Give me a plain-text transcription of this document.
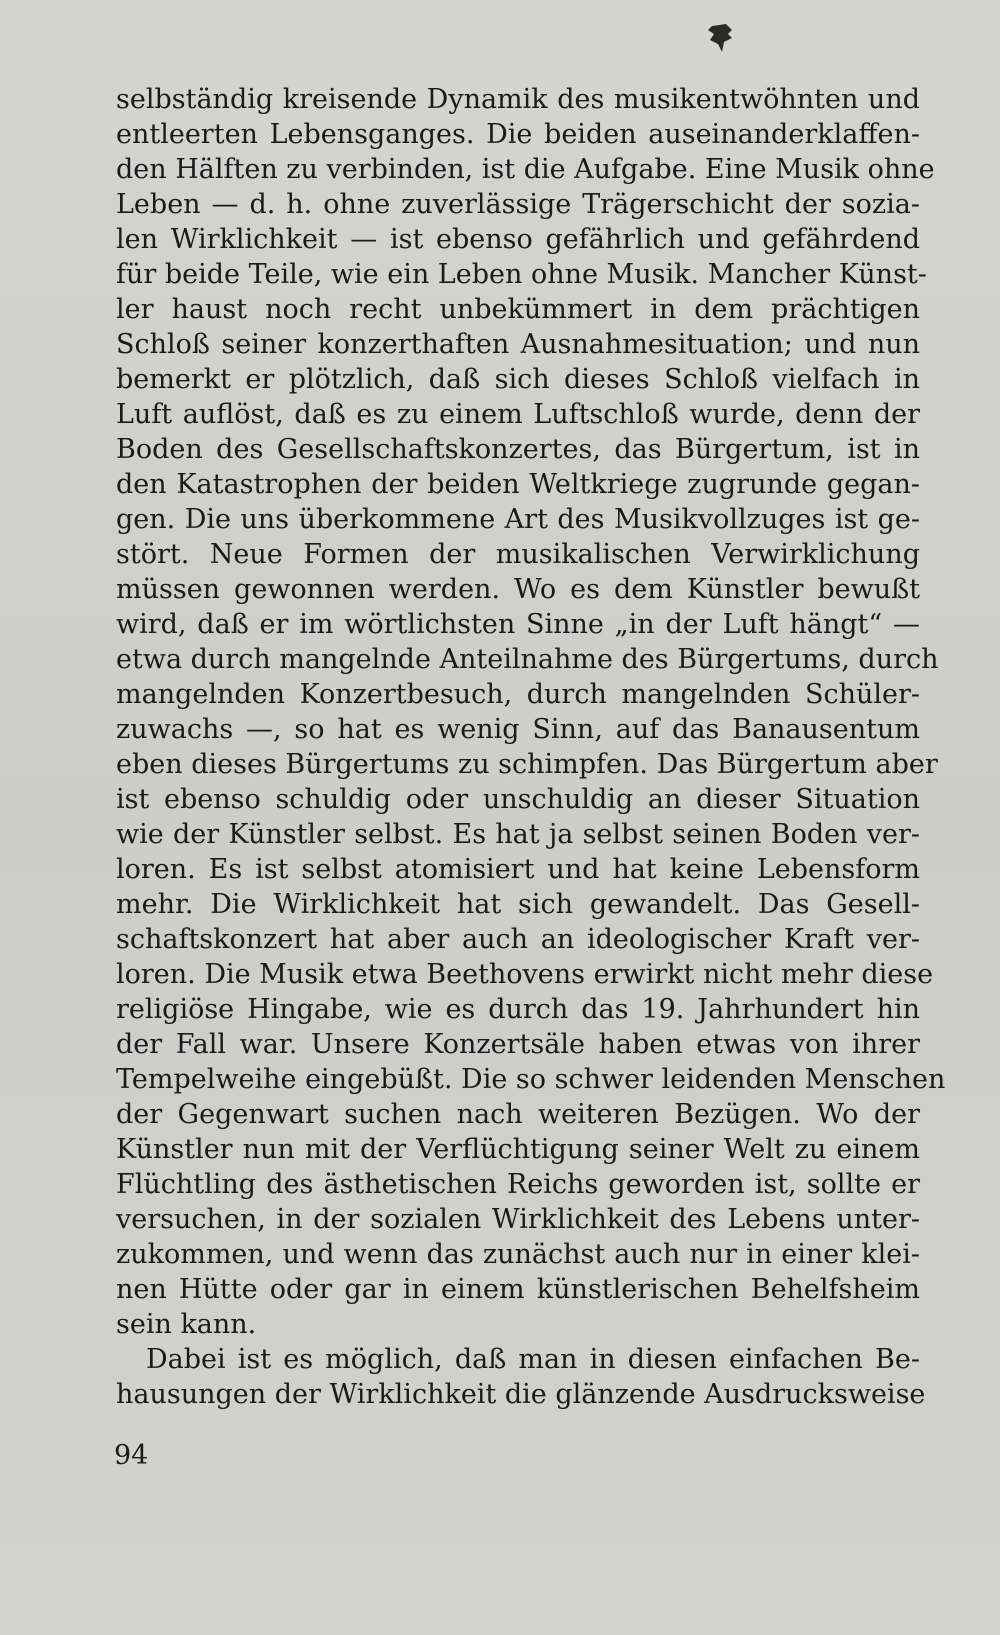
selbständig kreisende Dynamik des musikentwöhnten und
entleerten Lebensganges. Die beiden auseinanderklaffen-
den Hälften zu verbinden, ist die Aufgabe. Eine Musik ohne
Leben — d. h. ohne zuverlässige Trägerschicht der sozia-
len Wirklichkeit — ist ebenso gefährlich und gefährdend
für beide Teile, wie ein Leben ohne Musik. Mancher Künst-
ler haust noch recht unbekümmert in dem prächtigen
Schloß seiner konzerthaften Ausnahmesituation; und nun
bemerkt er plötzlich, daß sich dieses Schloß vielfach in
Luft auflöst, daß es zu einem Luftschloß wurde, denn der
Boden des Gesellschaftskonzertes, das Bürgertum, ist in
den Katastrophen der beiden Weltkriege zugrunde gegan-
gen. Die uns überkommene Art des Musikvollzuges ist ge-
stört. Neue Formen der musikalischen Verwirklichung
müssen gewonnen werden. Wo es dem Künstler bewußt
wird, daß er im wörtlichsten Sinne „in der Luft hängt“ —
etwa durch mangelnde Anteilnahme des Bürgertums, durch
mangelnden Konzertbesuch, durch mangelnden Schüler-
zuwachs —, so hat es wenig Sinn, auf das Banausentum
eben dieses Bürgertums zu schimpfen. Das Bürgertum aber
ist ebenso schuldig oder unschuldig an dieser Situation
wie der Künstler selbst. Es hat ja selbst seinen Boden ver-
loren. Es ist selbst atomisiert und hat keine Lebensform
mehr. Die Wirklichkeit hat sich gewandelt. Das Gesell-
schaftskonzert hat aber auch an ideologischer Kraft ver-
loren. Die Musik etwa Beethovens erwirkt nicht mehr diese
religiöse Hingabe, wie es durch das 19. Jahrhundert hin
der Fall war. Unsere Konzertsäle haben etwas von ihrer
Tempelweihe eingebüßt. Die so schwer leidenden Menschen
der Gegenwart suchen nach weiteren Bezügen. Wo der
Künstler nun mit der Verflüchtigung seiner Welt zu einem
Flüchtling des ästhetischen Reichs geworden ist, sollte er
versuchen, in der sozialen Wirklichkeit des Lebens unter-
zukommen, und wenn das zunächst auch nur in einer klei-
nen Hütte oder gar in einem künstlerischen Behelfsheim
sein kann.
Dabei ist es möglich, daß man in diesen einfachen Be-
hausungen der Wirklichkeit die glänzende Ausdrucksweise
94
